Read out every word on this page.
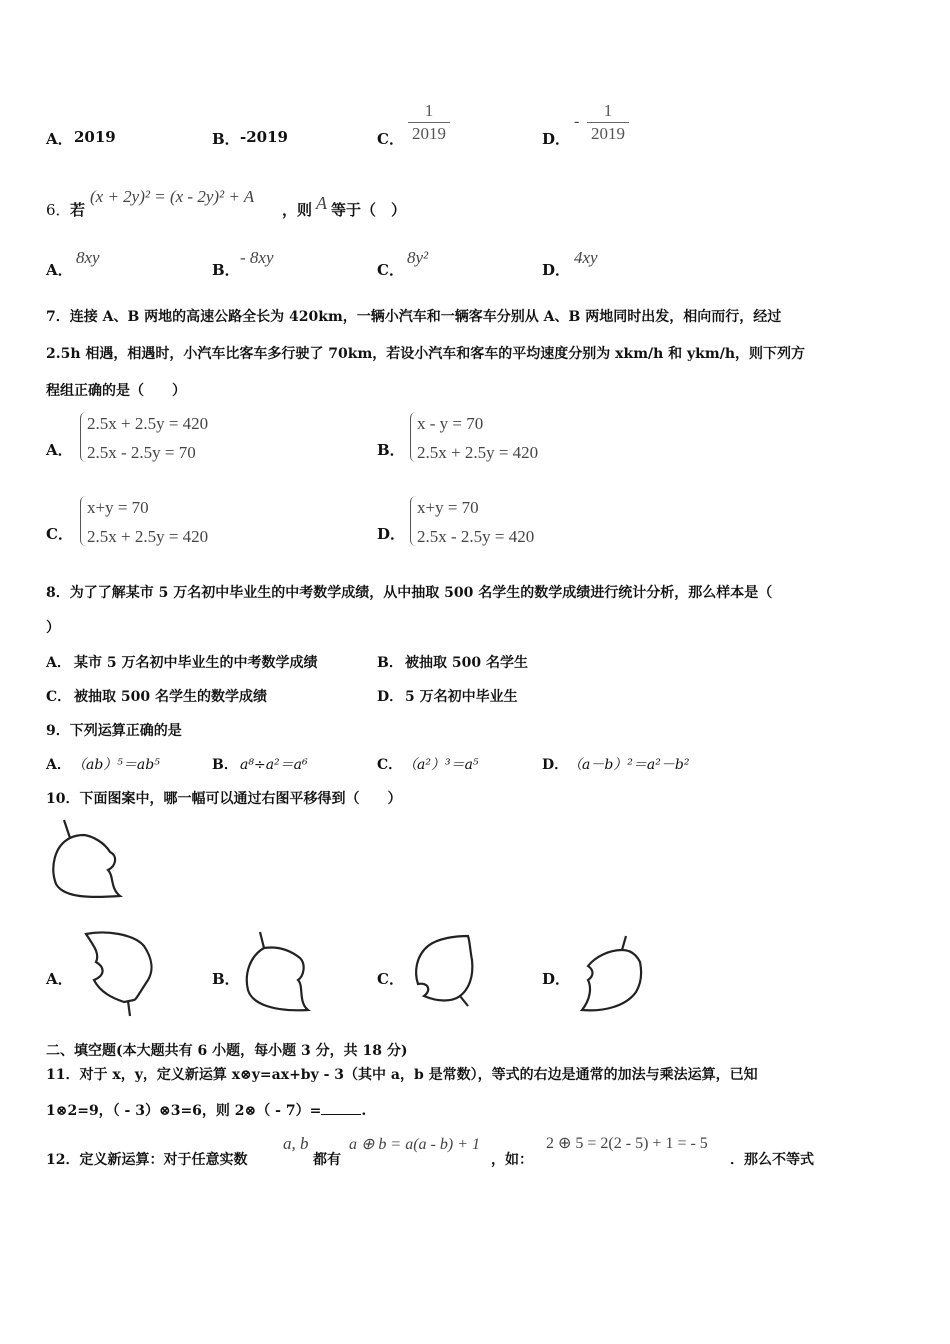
A． 2019	B． -2019	C．
1
2019	D．
-
1
2019
6． 若
(x + 2y)² = (x - 2y)² + A
，则 A 等于（　）
A．
8xy
B．
- 8xy
C．
8y²
D．
4xy
7．连接 A、B 两地的高速公路全长为 420km，一辆小汽车和一辆客车分别从 A、B 两地同时出发，相向而行，经过
2.5h 相遇，相遇时，小汽车比客车多行驶了 70km，若设小汽车和客车的平均速度分别为 xkm/h 和 ykm/h，则下列方
程组正确的是（　　）
A．
2.5x + 2.5y = 420
2.5x - 2.5y = 70	B．
x - y = 70
2.5x + 2.5y = 420
C．
x+y = 70
2.5x + 2.5y = 420	D．
x+y = 70
2.5x - 2.5y = 420
8．为了了解某市 5 万名初中毕业生的中考数学成绩，从中抽取 500 名学生的数学成绩进行统计分析，那么样本是（
）
A． 某市 5 万名初中毕业生的中考数学成绩	B． 被抽取 500 名学生
C． 被抽取 500 名学生的数学成绩	D． 5 万名初中毕业生
9．下列运算正确的是
A． （ab）⁵＝ab⁵	B． a⁸÷a²＝a⁶	C． （a²）³＝a⁵	D． （a－b）²＝a²－b²
10．下面图案中，哪一幅可以通过右图平移得到（　　）
A．	B．	C．	D．
二、填空题(本大题共有 6 小题，每小题 3 分，共 18 分)
11．对于 x，y，定义新运算 x⊗y=ax+by - 3（其中 a，b 是常数），等式的右边是通常的加法与乘法运算，已知
1⊗2=9，（ - 3）⊗3=6，则 2⊗（ - 7）=	.
12．定义新运算：对于任意实数
a, b
都有
a ⊕ b = a(a - b) + 1
，如：
2 ⊕ 5 = 2(2 - 5) + 1 = - 5
．那么不等式
